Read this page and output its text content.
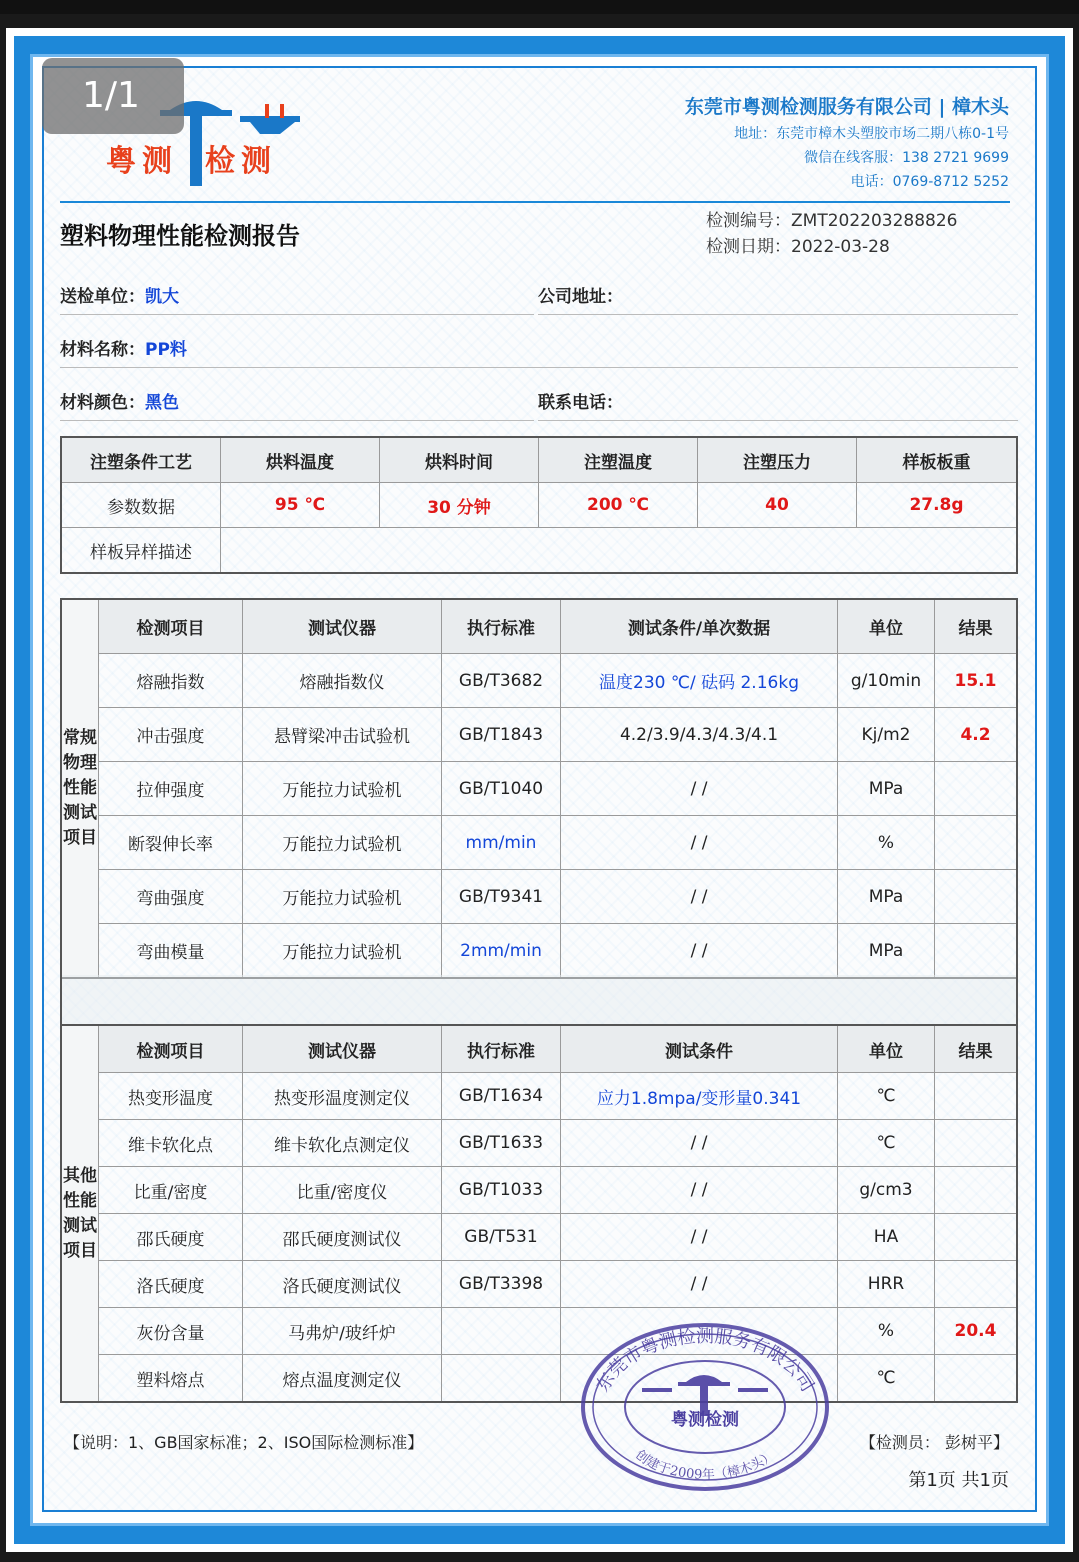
粤测 检测
1/1	东莞市粤测检测服务有限公司 | 樟木头
地址：东莞市樟木头塑胶市场二期八栋0-1号
微信在线客服：138 2721 9699
电话：0769-8712 5252
塑料物理性能检测报告
检测编号：ZMT202203288826
检测日期：2022-03-28
送检单位：凯大	公司地址：
材料名称：PP料
材料颜色：黑色	联系电话：
注塑条件工艺	烘料温度	烘料时间	注塑温度	注塑压力	样板板重
参数数据	95 ℃	30 分钟	200 ℃	40	27.8g
样板异样描述					
常规物理性能测试项目	检测项目	测试仪器	执行标准	测试条件/单次数据	单位	结果
	熔融指数	熔融指数仪	GB/T3682	温度230 ℃/ 砝码 2.16kg	g/10min	15.1
	冲击强度	悬臂梁冲击试验机	GB/T1843	4.2/3.9/4.3/4.3/4.1	Kj/m2	4.2
	拉伸强度	万能拉力试验机	GB/T1040	/ /	MPa	
	断裂伸长率	万能拉力试验机	mm/min	/ /	%	
	弯曲强度	万能拉力试验机	GB/T9341	/ /	MPa	
	弯曲模量	万能拉力试验机	2mm/min	/ /	MPa	
其他性能测试项目	检测项目	测试仪器	执行标准	测试条件	单位	结果
	热变形温度	热变形温度测定仪	GB/T1634	应力1.8mpa/变形量0.341	℃	
	维卡软化点	维卡软化点测定仪	GB/T1633	/ /	℃	
	比重/密度	比重/密度仪	GB/T1033	/ /	g/cm3	
	邵氏硬度	邵氏硬度测试仪	GB/T531	/ /	HA	
	洛氏硬度	洛氏硬度测试仪	GB/T3398	/ /	HRR	
	灰份含量	马弗炉/玻纤炉			%	20.4
	塑料熔点	熔点温度测定仪			℃	
东莞市粤测检测服务有限公司
创建于2009年（樟木头）
粤测检测
【说明：1、GB国家标准；2、ISO国际检测标准】	【检测员： 彭树平】
第1页 共1页
